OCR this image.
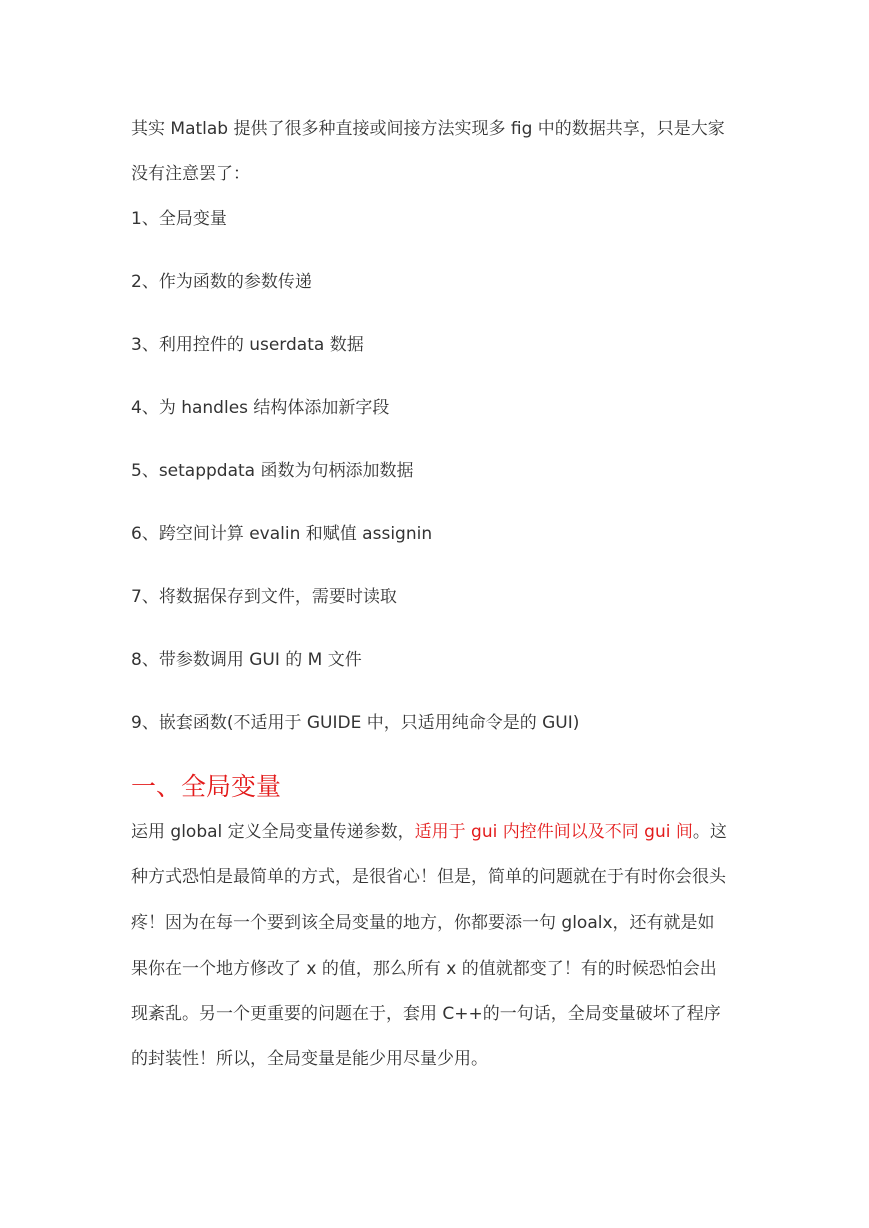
其实 Matlab 提供了很多种直接或间接方法实现多 fig 中的数据共享，只是大家
没有注意罢了：
1、全局变量
2、作为函数的参数传递
3、利用控件的 userdata 数据
4、为 handles 结构体添加新字段
5、setappdata 函数为句柄添加数据
6、跨空间计算 evalin 和赋值 assignin
7、将数据保存到文件，需要时读取
8、带参数调用 GUI 的 M 文件
9、嵌套函数(不适用于 GUIDE 中，只适用纯命令是的 GUI)
一、全局变量
运用 global 定义全局变量传递参数，适用于 gui 内控件间以及不同 gui 间。这
种方式恐怕是最简单的方式，是很省心！但是，简单的问题就在于有时你会很头
疼！因为在每一个要到该全局变量的地方，你都要添一句 gloalx，还有就是如
果你在一个地方修改了 x 的值，那么所有 x 的值就都变了！有的时候恐怕会出
现紊乱。另一个更重要的问题在于，套用 C++的一句话，全局变量破坏了程序
的封装性！所以，全局变量是能少用尽量少用。
